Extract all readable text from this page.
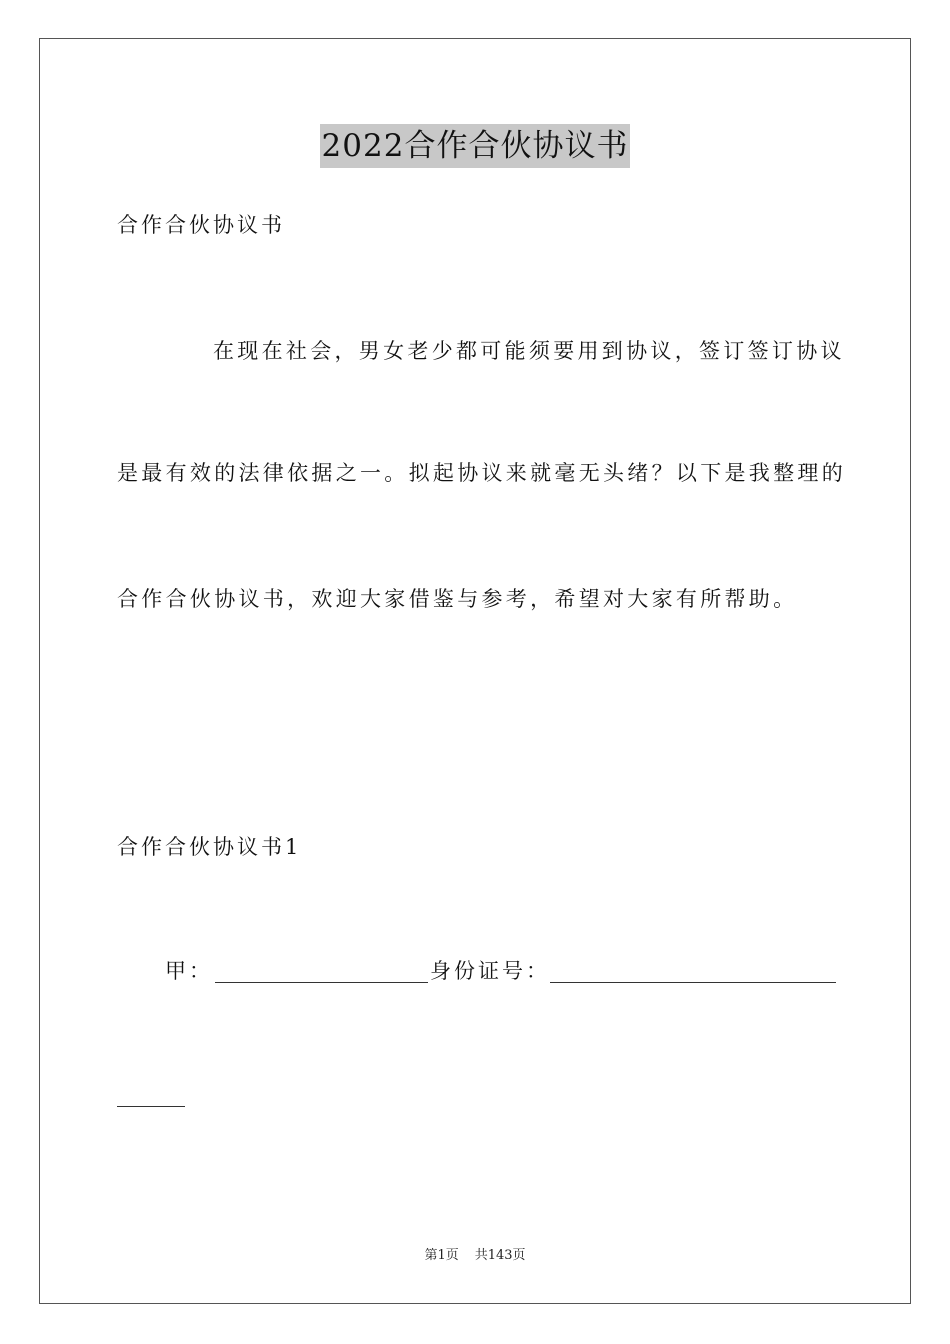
2022合作合伙协议书
合作合伙协议书
在现在社会，男女老少都可能须要用到协议，签订签订协议
是最有效的法律依据之一。拟起协议来就毫无头绪？以下是我整理的
合作合伙协议书，欢迎大家借鉴与参考，希望对大家有所帮助。
合作合伙协议书1
甲：	身份证号：
第1页 共143页
